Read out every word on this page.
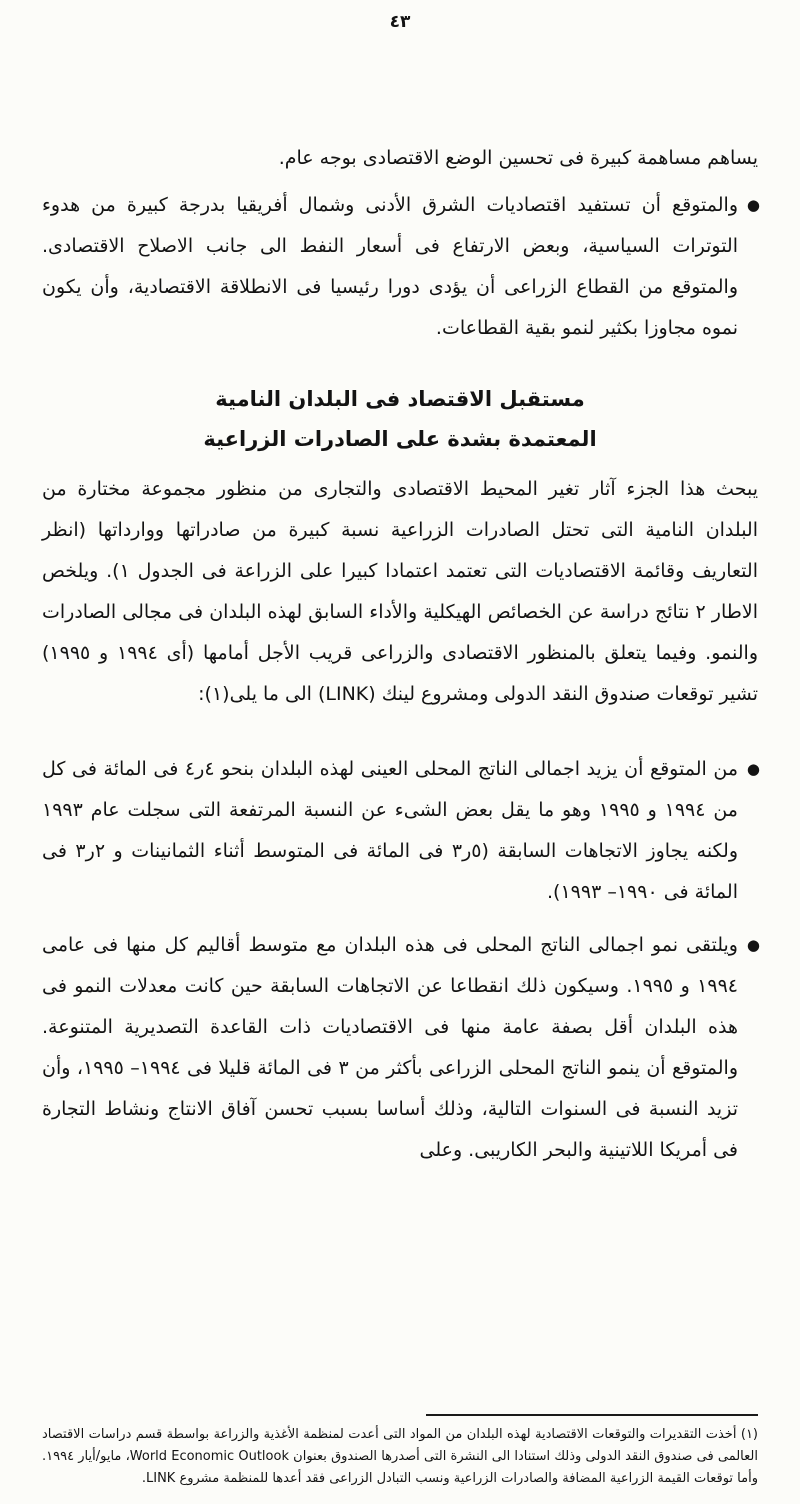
٤٣

يساهم مساهمة كبيرة فى تحسين الوضع الاقتصادى بوجه عام.

●
والمتوقع أن تستفيد اقتصاديات الشرق الأدنى وشمال أفريقيا بدرجة كبيرة من هدوء التوترات السياسية، وبعض الارتفاع فى أسعار النفط الى جانب الاصلاح الاقتصادى. والمتوقع من القطاع الزراعى أن يؤدى دورا رئيسيا فى الانطلاقة الاقتصادية، وأن يكون نموه مجاوزا بكثير لنمو بقية القطاعات.
مستقبل الاقتصاد فى البلدان النامية
المعتمدة بشدة على الصادرات الزراعية

يبحث هذا الجزء آثار تغير المحيط الاقتصادى والتجارى من منظور مجموعة مختارة من البلدان النامية التى تحتل الصادرات الزراعية نسبة كبيرة من صادراتها ووارداتها (انظر التعاريف وقائمة الاقتصاديات التى تعتمد اعتمادا كبيرا على الزراعة فى الجدول ١). ويلخص الاطار ٢ نتائج دراسة عن الخصائص الهيكلية والأداء السابق لهذه البلدان فى مجالى الصادرات والنمو. وفيما يتعلق بالمنظور الاقتصادى والزراعى قريب الأجل أمامها (أى ١٩٩٤ و ١٩٩٥) تشير توقعات صندوق النقد الدولى ومشروع لينك (LINK) الى ما يلى(١):

●
من المتوقع أن يزيد اجمالى الناتج المحلى العينى لهذه البلدان بنحو ٤ر٤ فى المائة فى كل من ١٩٩٤ و ١٩٩٥ وهو ما يقل بعض الشىء عن النسبة المرتفعة التى سجلت عام ١٩٩٣ ولكنه يجاوز الاتجاهات السابقة (٥ر٣ فى المائة فى المتوسط أثناء الثمانينات و ٢ر٣ فى المائة فى ١٩٩٠– ١٩٩٣).
●
ويلتقى نمو اجمالى الناتج المحلى فى هذه البلدان مع متوسط أقاليم كل منها فى عامى ١٩٩٤ و ١٩٩٥. وسيكون ذلك انقطاعا عن الاتجاهات السابقة حين كانت معدلات النمو فى هذه البلدان أقل بصفة عامة منها فى الاقتصاديات ذات القاعدة التصديرية المتنوعة. والمتوقع أن ينمو الناتج المحلى الزراعى بأكثر من ٣ فى المائة قليلا فى ١٩٩٤– ١٩٩٥، وأن تزيد النسبة فى السنوات التالية، وذلك أساسا بسبب تحسن آفاق الانتاج ونشاط التجارة فى أمريكا اللاتينية والبحر الكاريبى. وعلى

(١) أخذت التقديرات والتوقعات الاقتصادية لهذه البلدان من المواد التى أعدت لمنظمة الأغذية والزراعة بواسطة قسم دراسات الاقتصاد العالمى فى صندوق النقد الدولى وذلك استنادا الى النشرة التى أصدرها الصندوق بعنوان World Economic Outlook، مايو/أيار ١٩٩٤. وأما توقعات القيمة الزراعية المضافة والصادرات الزراعية ونسب التبادل الزراعى فقد أعدها للمنظمة مشروع LINK.
